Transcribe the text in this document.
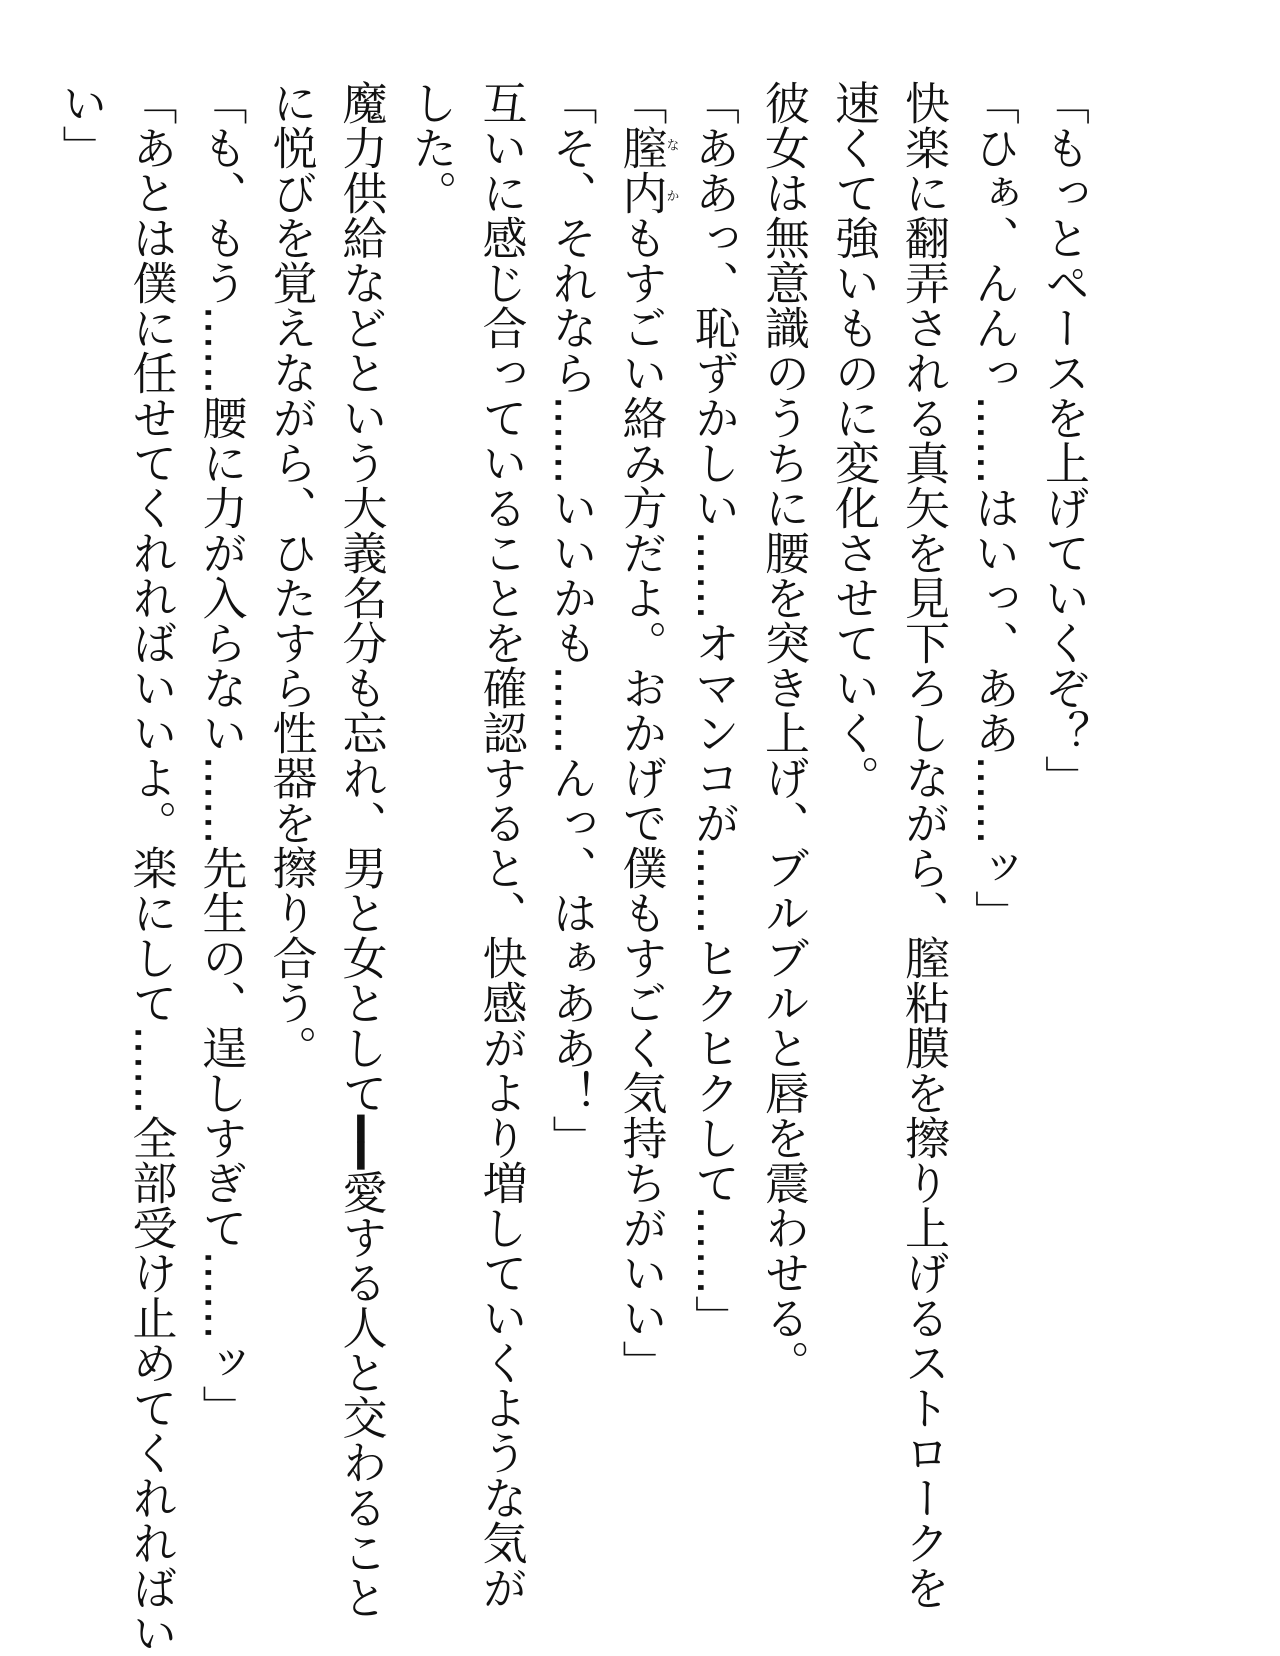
「もっとペースを上げていくぞ？」
「ひぁ、んんっ……はいっ、ああ……ッ」
快楽に翻弄される真矢を見下ろしながら、膣粘膜を擦り上げるストロークを
速くて強いものに変化させていく。
彼女は無意識のうちに腰を突き上げ、ブルブルと唇を震わせる。
「ああっ、恥ずかしい……オマンコが……ヒクヒクして……」
「膣内なかもすごい絡み方だよ。おかげで僕もすごく気持ちがいい」
「そ、それなら……いいかも……んっ、はぁああ！」
互いに感じ合っていることを確認すると、快感がより増していくような気が
した。
魔力供給などという大義名分も忘れ、男と女として━━愛する人と交わること
に悦びを覚えながら、ひたすら性器を擦り合う。
「も、もう……腰に力が入らない……先生の、逞しすぎて……ッ」
「あとは僕に任せてくれればいいよ。楽にして……全部受け止めてくれればい
い」
